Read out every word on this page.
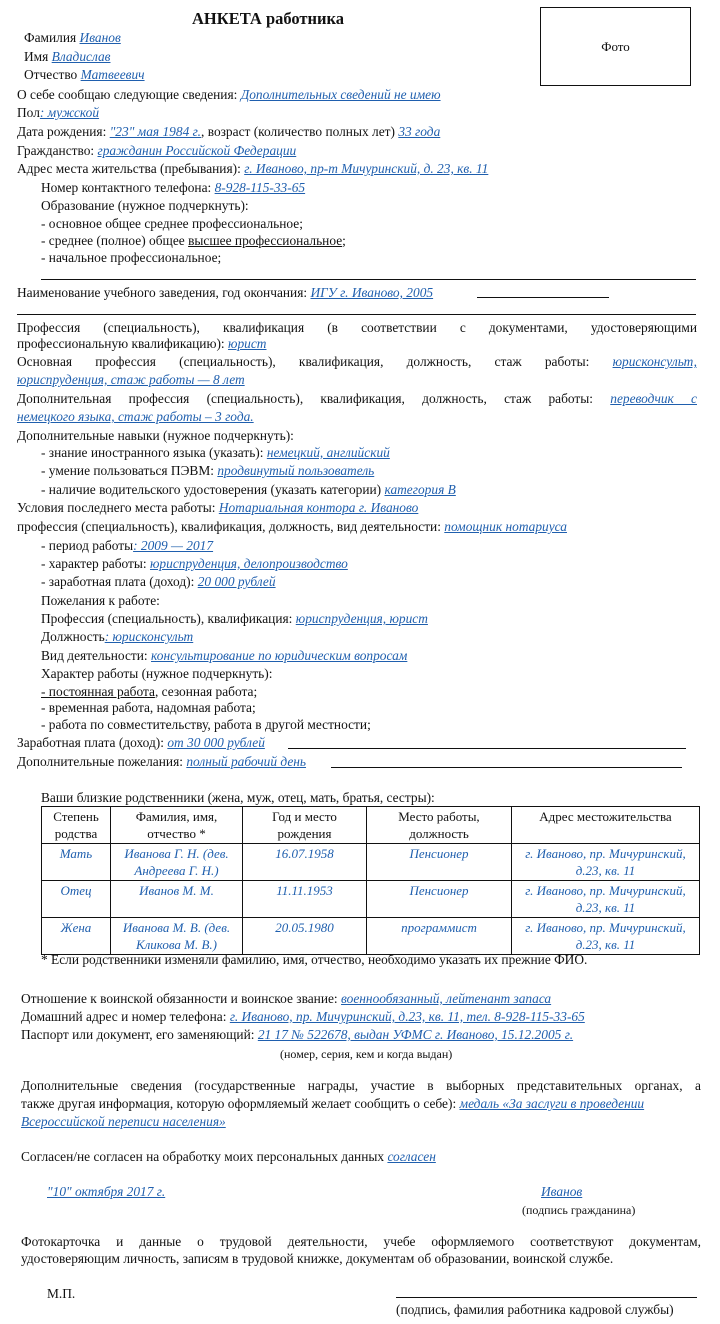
АНКЕТА работника
Фото
Фамилия Иванов
Имя Владислав
Отчество Матвеевич
О себе сообщаю следующие сведения: Дополнительных сведений не имею
Пол: мужской
Дата рождения: "23" мая 1984 г., возраст (количество полных лет) 33 года
Гражданство: гражданин Российской Федерации
Адрес места жительства (пребывания): г. Иваново, пр-т Мичуринский, д. 23, кв. 11
Номер контактного телефона: 8-928-115-33-65
Образование (нужное подчеркнуть):
- основное общее среднее профессиональное;
- среднее (полное) общее высшее профессиональное;
- начальное профессиональное;
Наименование учебного заведения, год окончания: ИГУ г. Иваново, 2005
Профессия (специальность), квалификация (в соответствии с документами, удостоверяющими
профессиональную квалификацию): юрист
Основная профессия (специальность), квалификация, должность, стаж работы: юрисконсульт,
юриспруденция, стаж работы — 8 лет
Дополнительная профессия (специальность), квалификация, должность, стаж работы: переводчик с
немецкого языка, стаж работы – 3 года.
Дополнительные навыки (нужное подчеркнуть):
- знание иностранного языка (указать): немецкий, английский
- умение пользоваться ПЭВМ: продвинутый пользователь
- наличие водительского удостоверения (указать категории) категория В
Условия последнего места работы: Нотариальная контора г. Иваново
профессия (специальность), квалификация, должность, вид деятельности: помощник нотариуса
- период работы: 2009 — 2017
- характер работы: юриспруденция, делопроизводство
- заработная плата (доход): 20 000 рублей
Пожелания к работе:
Профессия (специальность), квалификация: юриспруденция, юрист
Должность: юрисконсульт
Вид деятельности: консультирование по юридическим вопросам
Характер работы (нужное подчеркнуть):
- постоянная работа, сезонная работа;
- временная работа, надомная работа;
- работа по совместительству, работа в другой местности;
Заработная плата (доход): от 30 000 рублей
Дополнительные пожелания: полный рабочий день
Ваши близкие родственники (жена, муж, отец, мать, братья, сестры):
Степень родства	Фамилия, имя, отчество *	Год и место рождения	Место работы, должность	Адрес местожительства
Мать	Иванова Г. Н. (дев. Андреева Г. Н.)	16.07.1958	Пенсионер	г. Иваново, пр. Мичуринский, д.23, кв. 11
Отец	Иванов М. М.	11.11.1953	Пенсионер	г. Иваново, пр. Мичуринский, д.23, кв. 11
Жена	Иванова М. В. (дев. Кликова М. В.)	20.05.1980	программист	г. Иваново, пр. Мичуринский, д.23, кв. 11
* Если родственники изменяли фамилию, имя, отчество, необходимо указать их прежние ФИО.
Отношение к воинской обязанности и воинское звание: военнообязанный, лейтенант запаса
Домашний адрес и номер телефона: г. Иваново, пр. Мичуринский, д.23, кв. 11, тел. 8-928-115-33-65
Паспорт или документ, его заменяющий: 21 17 № 522678, выдан УФМС г. Иваново, 15.12.2005 г.
(номер, серия, кем и когда выдан)
Дополнительные сведения (государственные награды, участие в выборных представительных органах, а
также другая информация, которую оформляемый желает сообщить о себе): медаль «За заслуги в проведении
Всероссийской переписи населения»
Согласен/не согласен на обработку моих персональных данных согласен
"10" октября 2017 г.	Иванов
(подпись гражданина)
Фотокарточка и данные о трудовой деятельности, учебе оформляемого соответствуют документам,
удостоверяющим личность, записям в трудовой книжке, документам об образовании, воинской службе.
М.П.
(подпись, фамилия работника кадровой службы)
